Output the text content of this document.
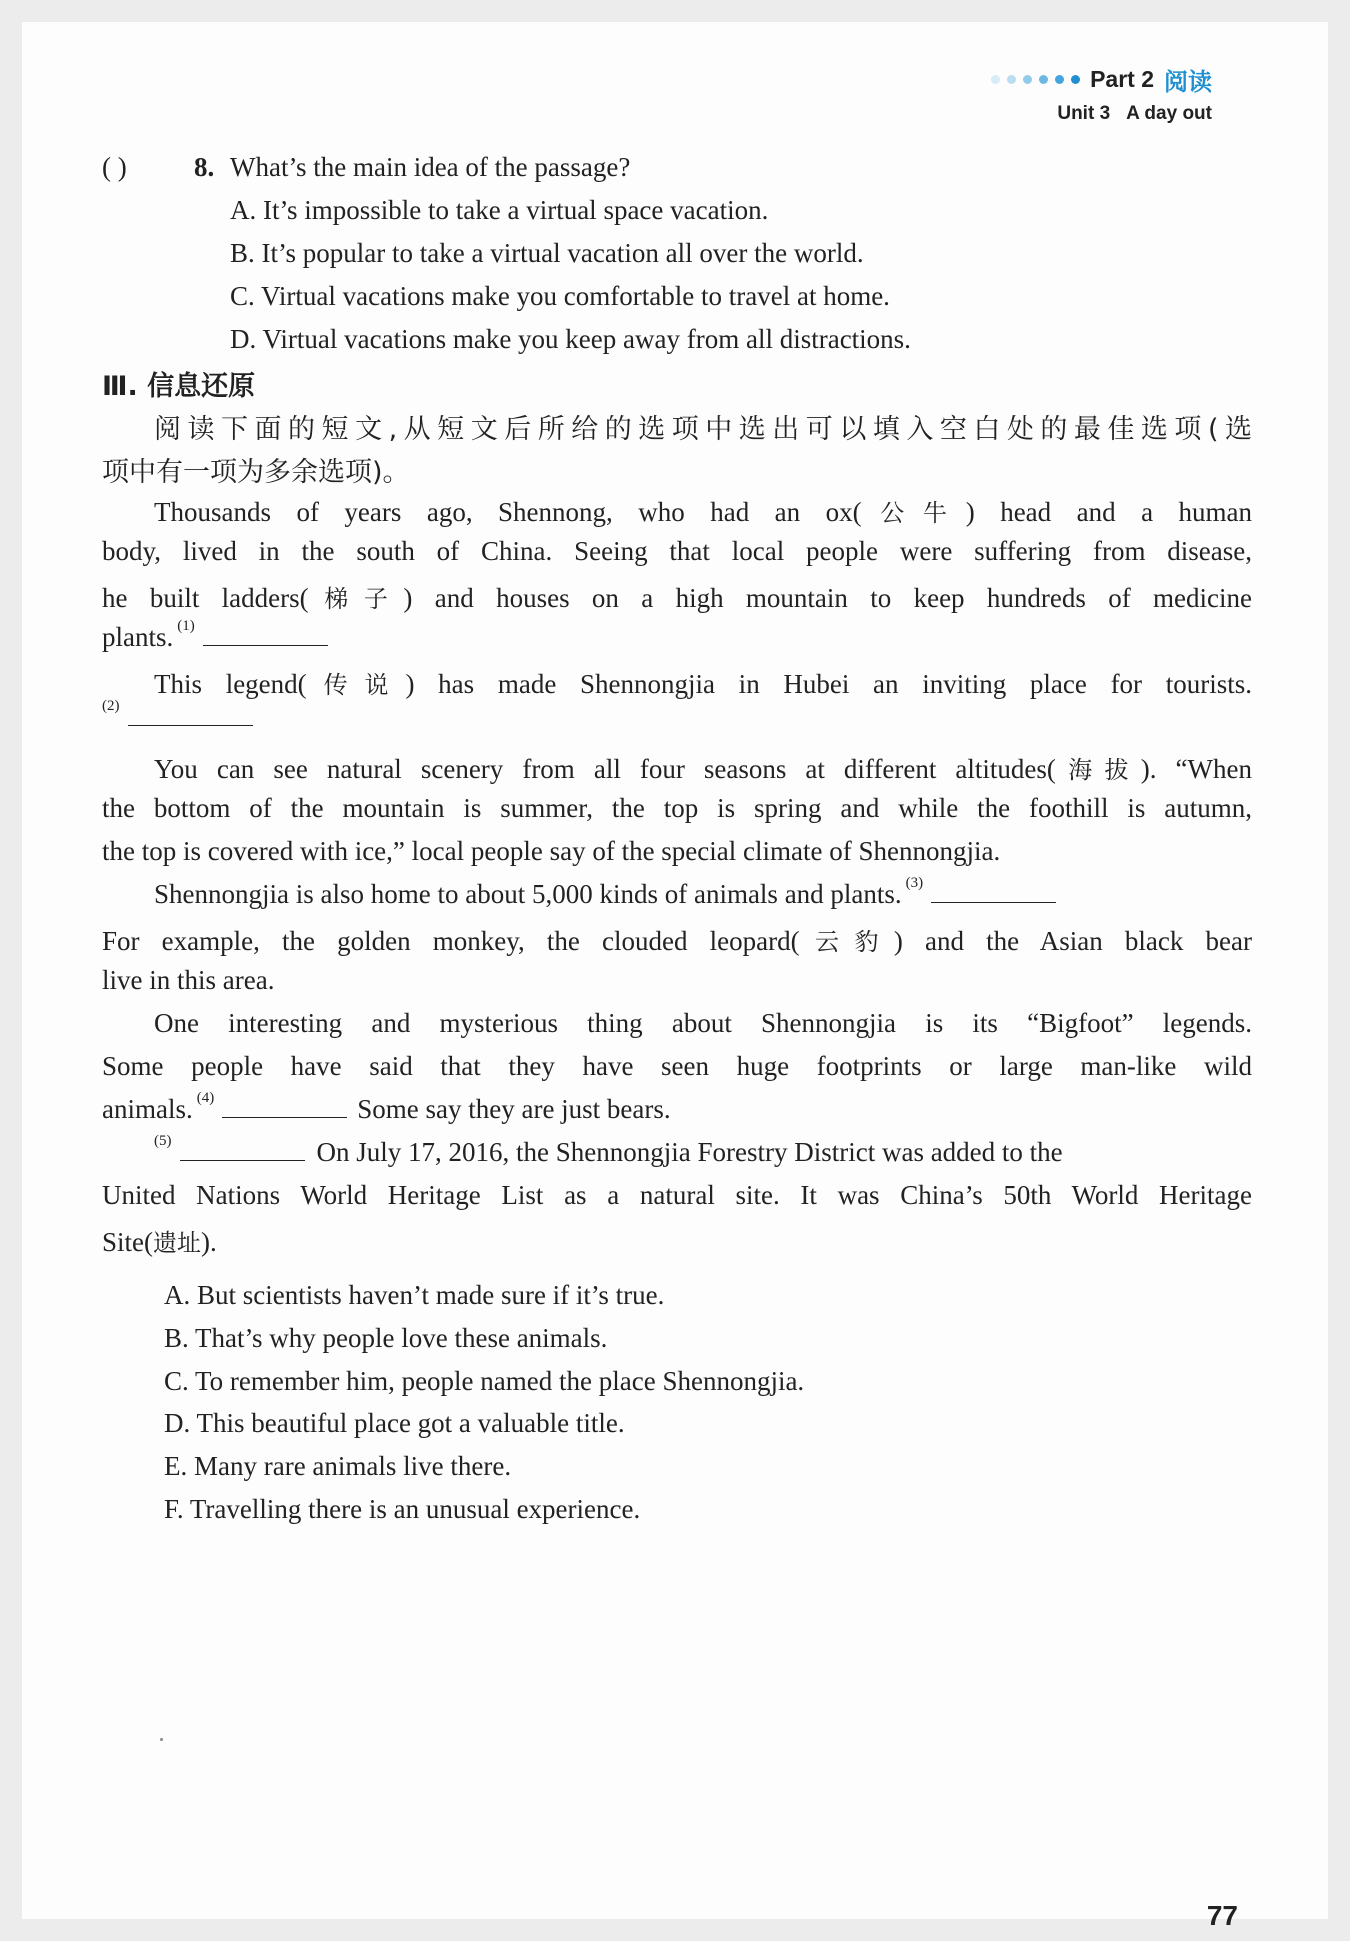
Part 2 阅读
Unit 3 A day out
( ) 8. What’s the main idea of the passage?
A. It’s impossible to take a virtual space vacation.
B. It’s popular to take a virtual vacation all over the world.
C. Virtual vacations make you comfortable to travel at home.
D. Virtual vacations make you keep away from all distractions.
Ⅲ. 信息还原
阅读下面的短文,从短文后所给的选项中选出可以填入空白处的最佳选项(选
项中有一项为多余选项)。
Thousands of years ago, Shennong, who had an ox(公牛) head and a human
body, lived in the south of China. Seeing that local people were suffering from disease,
he built ladders(梯子) and houses on a high mountain to keep hundreds of medicine
plants. $^{(1)}$
This legend(传说) has made Shennongjia in Hubei an inviting place for tourists.
$^{(2)}$
You can see natural scenery from all four seasons at different altitudes(海拔). “When
the bottom of the mountain is summer, the top is spring and while the foothill is autumn,
the top is covered with ice,” local people say of the special climate of Shennongjia.
Shennongjia is also home to about 5,000 kinds of animals and plants. $^{(3)}$
For example, the golden monkey, the clouded leopard(云豹) and the Asian black bear
live in this area.
One interesting and mysterious thing about Shennongjia is its “Bigfoot” legends.
Some people have said that they have seen huge footprints or large man-like wild
animals. $^{(4)}$	Some say they are just bears.
$^{(5)}$	On July 17, 2016, the Shennongjia Forestry District was added to the
United Nations World Heritage List as a natural site. It was China’s 50th World Heritage
Site(遗址).
A. But scientists haven’t made sure if it’s true.
B. That’s why people love these animals.
C. To remember him, people named the place Shennongjia.
D. This beautiful place got a valuable title.
E. Many rare animals live there.
F. Travelling there is an unusual experience.
77
